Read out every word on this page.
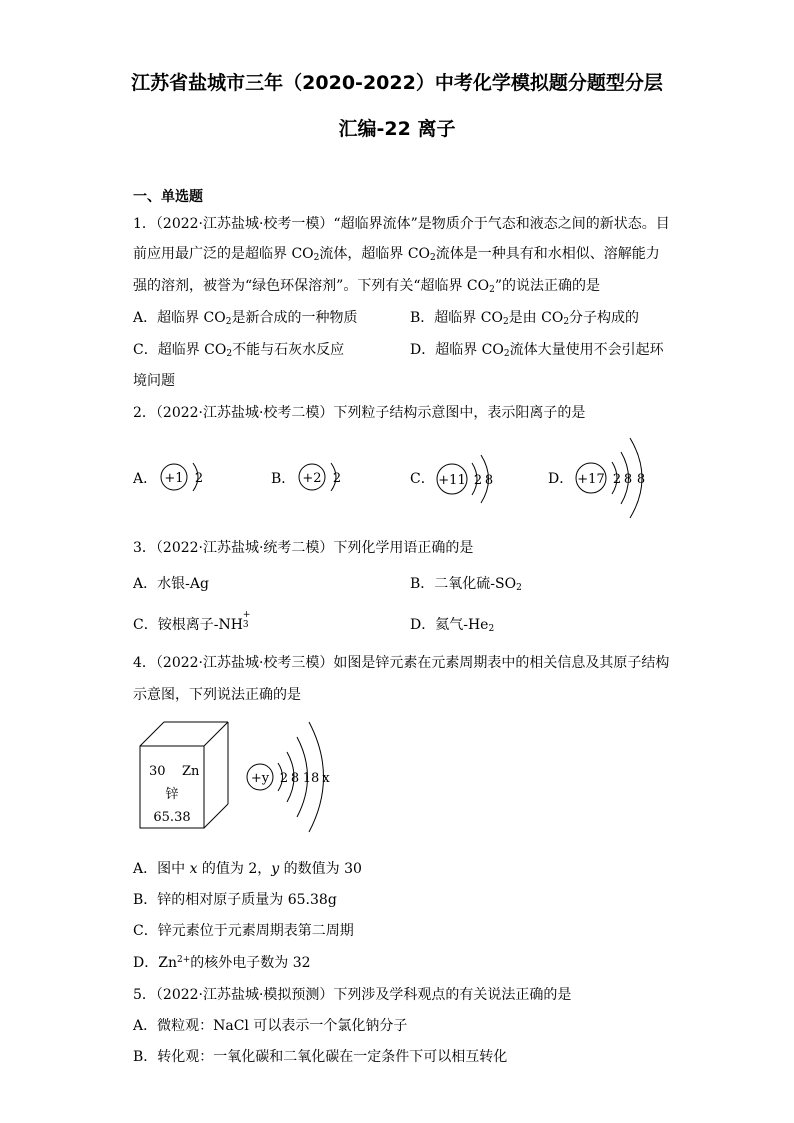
江苏省盐城市三年（2020-2022）中考化学模拟题分题型分层
汇编-22 离子
一、单选题
1．（2022·江苏盐城·校考一模）“超临界流体”是物质介于气态和液态之间的新状态。目
前应用最广泛的是超临界 $CO_2$流体，超临界 $CO_2$流体是一种具有和水相似、溶解能力
强的溶剂，被誉为“绿色环保溶剂”。下列有关“超临界 $CO_2$”的说法正确的是
A．超临界 $CO_2$是新合成的一种物质	B．超临界 $CO_2$是由 $CO_2$分子构成的
C．超临界 $CO_2$不能与石灰水反应	D．超临界 $CO_2$流体大量使用不会引起环
境问题
2．（2022·江苏盐城·校考二模）下列粒子结构示意图中，表示阳离子的是
A． +1 2	B． +2 2	C． +11 2 8	D． +17 2 8 8
3．（2022·江苏盐城·统考二模）下列化学用语正确的是
A．水银-Ag	B．二氧化硫$-SO_2$
C．铵根离子-NH
+
3	D．氦气$-He_2$
4．（2022·江苏盐城·校考三模）如图是锌元素在元素周期表中的相关信息及其原子结构
示意图，下列说法正确的是
30 Zn
锌
65.38
+y 2 8 18 x
A．图中 x 的值为 2，y 的数值为 30
B．锌的相对原子质量为 65.38g
C．锌元素位于元素周期表第二周期
D．$Zn^{2+}$的核外电子数为 32
5．（2022·江苏盐城·模拟预测）下列涉及学科观点的有关说法正确的是
A．微粒观：NaCl 可以表示一个氯化钠分子
B．转化观：一氧化碳和二氧化碳在一定条件下可以相互转化
